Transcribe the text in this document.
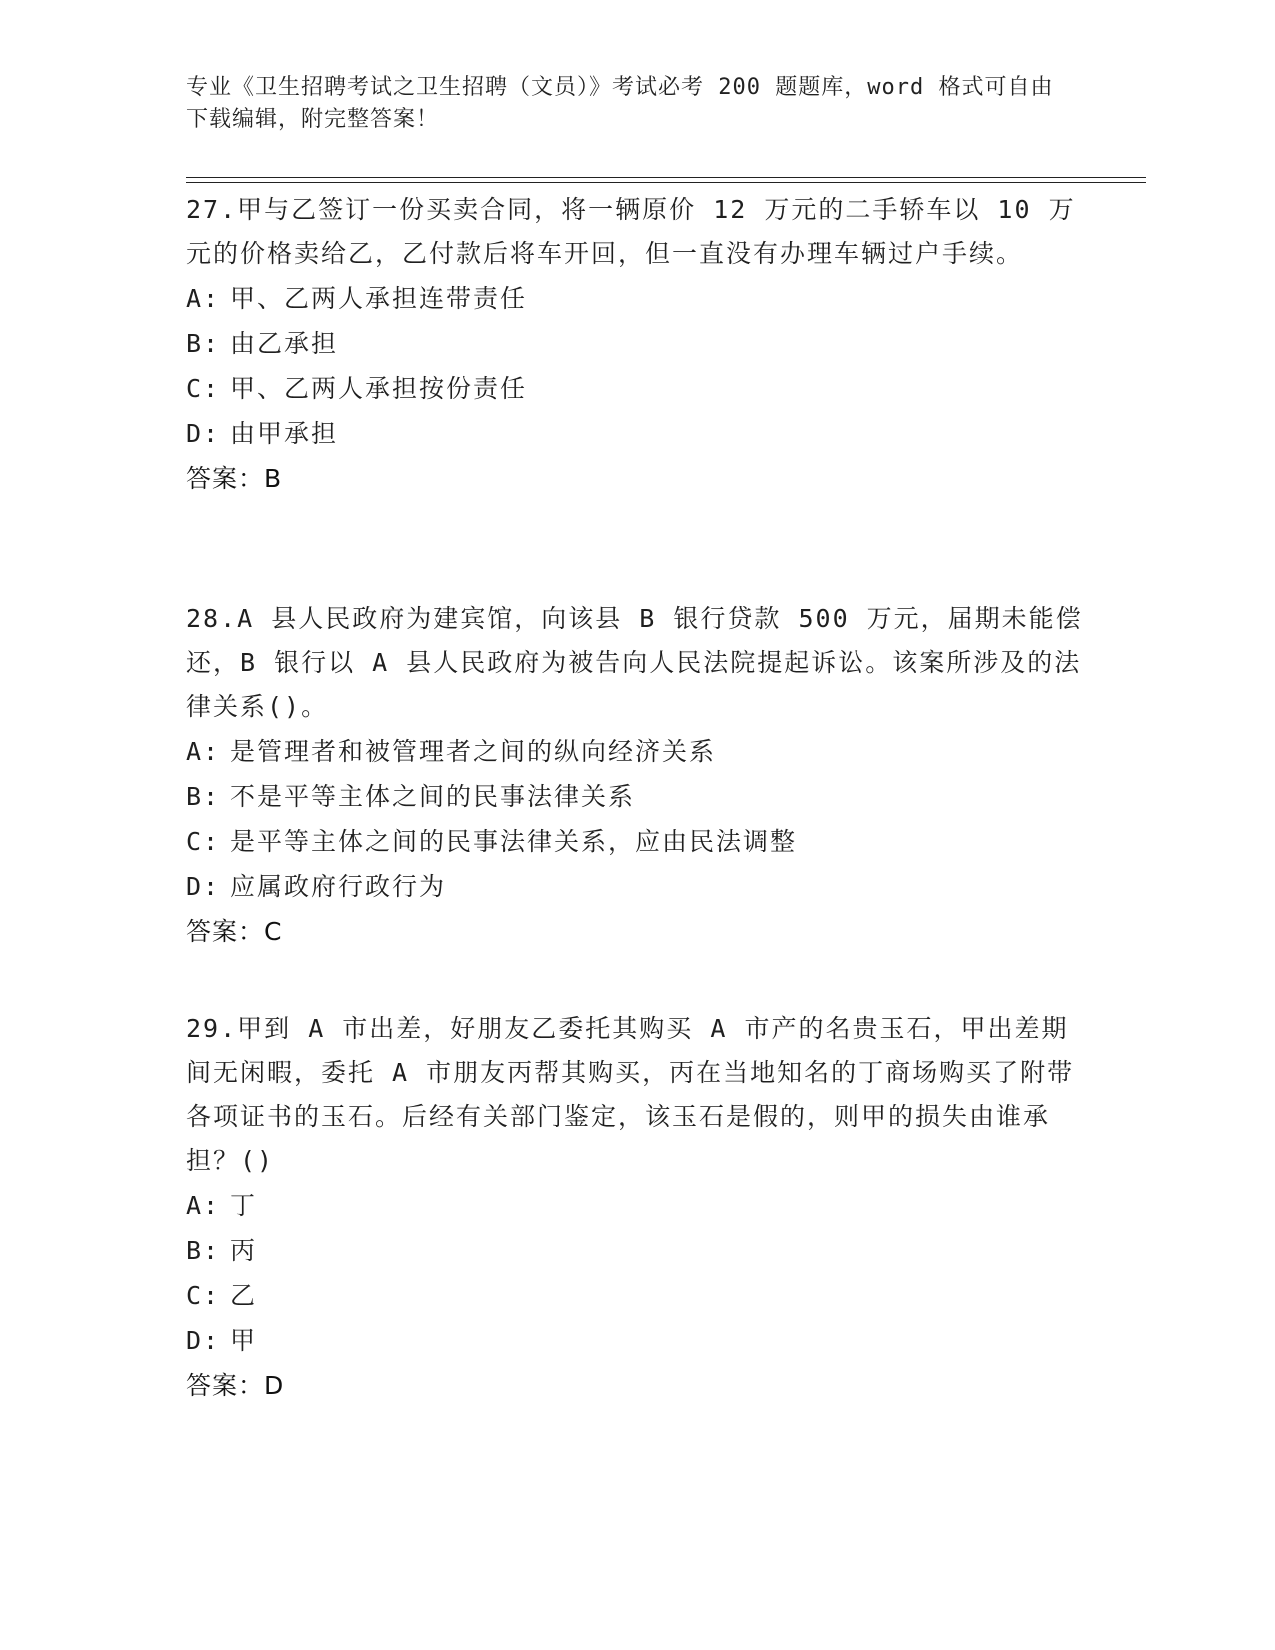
专业《卫生招聘考试之卫生招聘（文员）》考试必考 200 题题库，word 格式可自由下载编辑，附完整答案！

27.甲与乙签订一份买卖合同，将一辆原价 12 万元的二手轿车以 10 万元的价格卖给乙，乙付款后将车开回，但一直没有办理车辆过户手续。

A: 甲、乙两人承担连带责任
B: 由乙承担
C: 甲、乙两人承担按份责任
D: 由甲承担
答案：B

28.A 县人民政府为建宾馆，向该县 B 银行贷款 500 万元，届期未能偿还，B 银行以 A 县人民政府为被告向人民法院提起诉讼。该案所涉及的法律关系()。

A: 是管理者和被管理者之间的纵向经济关系
B: 不是平等主体之间的民事法律关系
C: 是平等主体之间的民事法律关系，应由民法调整
D: 应属政府行政行为
答案：C

29.甲到 A 市出差，好朋友乙委托其购买 A 市产的名贵玉石，甲出差期间无闲暇，委托 A 市朋友丙帮其购买，丙在当地知名的丁商场购买了附带各项证书的玉石。后经有关部门鉴定，该玉石是假的，则甲的损失由谁承担？()

A: 丁
B: 丙
C: 乙
D: 甲
答案：D
